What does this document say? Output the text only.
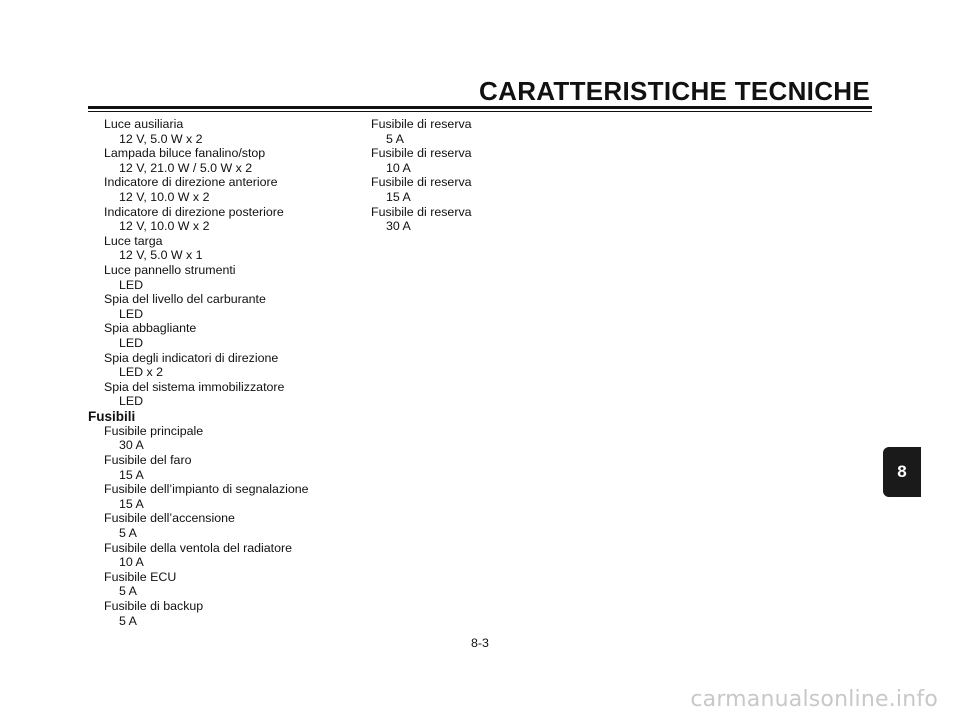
CARATTERISTICHE TECNICHE
Luce ausiliaria
12 V, 5.0 W x 2
Lampada biluce fanalino/stop
12 V, 21.0 W / 5.0 W x 2
Indicatore di direzione anteriore
12 V, 10.0 W x 2
Indicatore di direzione posteriore
12 V, 10.0 W x 2
Luce targa
12 V, 5.0 W x 1
Luce pannello strumenti
LED
Spia del livello del carburante
LED
Spia abbagliante
LED
Spia degli indicatori di direzione
LED x 2
Spia del sistema immobilizzatore
LED
Fusibili
Fusibile principale
30 A
Fusibile del faro
15 A
Fusibile dell’impianto di segnalazione
15 A
Fusibile dell’accensione
5 A
Fusibile della ventola del radiatore
10 A
Fusibile ECU
5 A
Fusibile di backup
5 A
Fusibile di reserva
5 A
Fusibile di reserva
10 A
Fusibile di reserva
15 A
Fusibile di reserva
30 A
8-3
8
carmanualsonline.info
